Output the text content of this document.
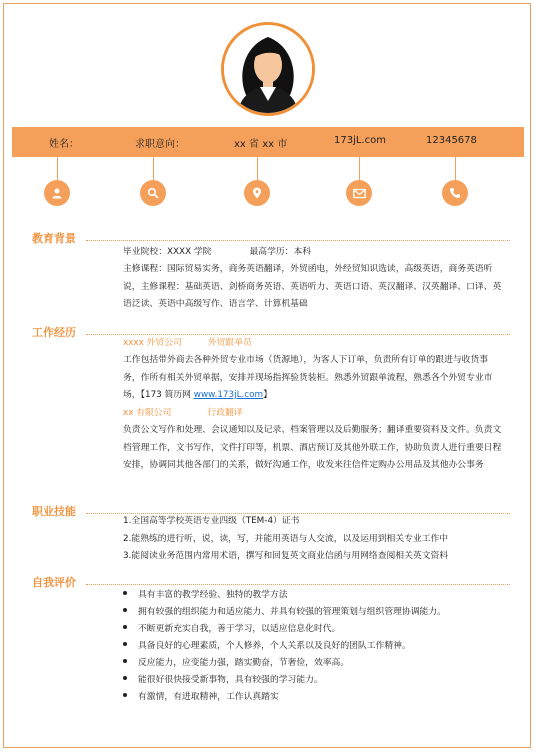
姓名：	求职意向：	xx 省 xx 市	173jL.com	12345678
教育背景
毕业院校：XXXX 学院	最高学历：本科
主修课程：国际贸易实务，商务英语翻译，外贸函电，外经贸知识选读，高级英语，商务英语听说，主修课程：基础英语、剑桥商务英语、英语听力、英语口语、英汉翻译、汉英翻译、口译、英语泛读、英语中高级写作、语言学、计算机基础
工作经历
xxxx 外贸公司	外贸跟单员
工作包括带外商去各种外贸专业市场（货源地），为客人下订单，负责所有订单的跟进与收货事务，作所有相关外贸单据，安排并现场指挥验货装柜。熟悉外贸跟单流程，熟悉各个外贸专业市场，【173 简历网 www.173jL.com】
xx 有限公司	行政翻译
负责公文写作和处理、会议通知以及记录、档案管理以及后勤服务；翻译重要资料及文件。负责文档管理工作，文书写作，文件打印等，机票、酒店预订及其他外联工作，协助负责人进行重要日程安排，协调同其他各部门的关系，做好沟通工作，收发来往信件定购办公用品及其他办公事务
职业技能
1.全国高等学校英语专业四级（TEM-4）证书
2.能熟练的进行听，说，读，写，并能用英语与人交流，以及运用到相关专业工作中
3.能阅读业务范围内常用术语，撰写和回复英文商业信函与用网络查阅相关英文资料
自我评价
具有丰富的教学经验、独特的教学方法
拥有较强的组织能力和适应能力、并具有较强的管理策划与组织管理协调能力。
不断更新充实自我，善于学习，以适应信息化时代。
具备良好的心理素质，个人修养，个人关系以及良好的团队工作精神。
反应能力，应变能力强，踏实勤奋，节奢俭，效率高。
能很好很快接受新事物，具有较强的学习能力。
有激情，有进取精神，工作认真踏实
